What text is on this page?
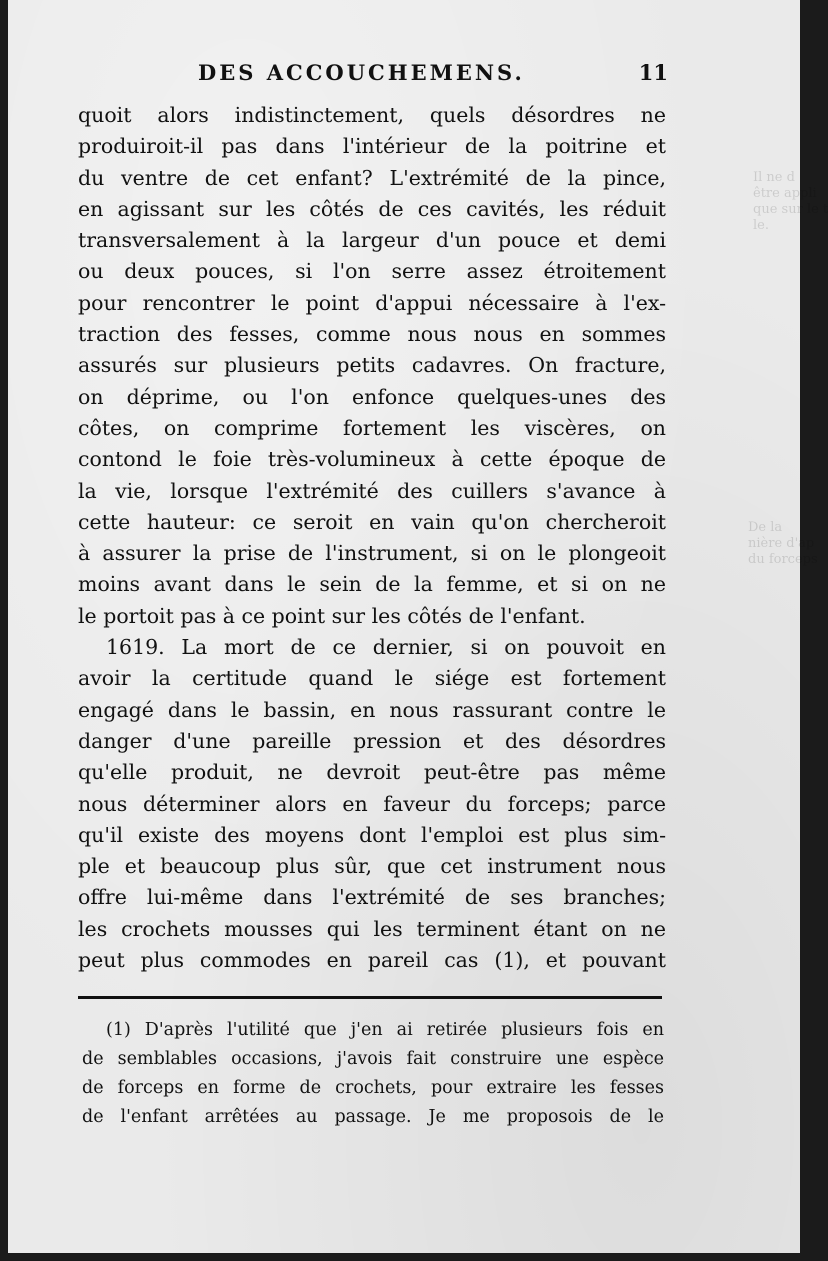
DES ACCOUCHEMENS.	11
quoit alors indistinctement, quels désordres ne
produiroit-il pas dans l'intérieur de la poitrine et
du ventre de cet enfant? L'extrémité de la pince,
en agissant sur les côtés de ces cavités, les réduit
transversalement à la largeur d'un pouce et demi
ou deux pouces, si l'on serre assez étroitement
pour rencontrer le point d'appui nécessaire à l'ex-
traction des fesses, comme nous nous en sommes
assurés sur plusieurs petits cadavres. On fracture,
on déprime, ou l'on enfonce quelques-unes des
côtes, on comprime fortement les viscères, on
contond le foie très-volumineux à cette époque de
la vie, lorsque l'extrémité des cuillers s'avance à
cette hauteur: ce seroit en vain qu'on chercheroit
à assurer la prise de l'instrument, si on le plongeoit
moins avant dans le sein de la femme, et si on ne
le portoit pas à ce point sur les côtés de l'enfant.
1619. La mort de ce dernier, si on pouvoit en
avoir la certitude quand le siége est fortement
engagé dans le bassin, en nous rassurant contre le
danger d'une pareille pression et des désordres
qu'elle produit, ne devroit peut-être pas même
nous déterminer alors en faveur du forceps; parce
qu'il existe des moyens dont l'emploi est plus sim-
ple et beaucoup plus sûr, que cet instrument nous
offre lui-même dans l'extrémité de ses branches;
les crochets mousses qui les terminent étant on ne
peut plus commodes en pareil cas (1), et pouvant
(1) D'après l'utilité que j'en ai retirée plusieurs fois en
de semblables occasions, j'avois fait construire une espèce
de forceps en forme de crochets, pour extraire les fesses
de l'enfant arrêtées au passage. Je me proposois de le
Il ne d
être appli
que sur le t
le.
De la
nière d'ap
du forceps
